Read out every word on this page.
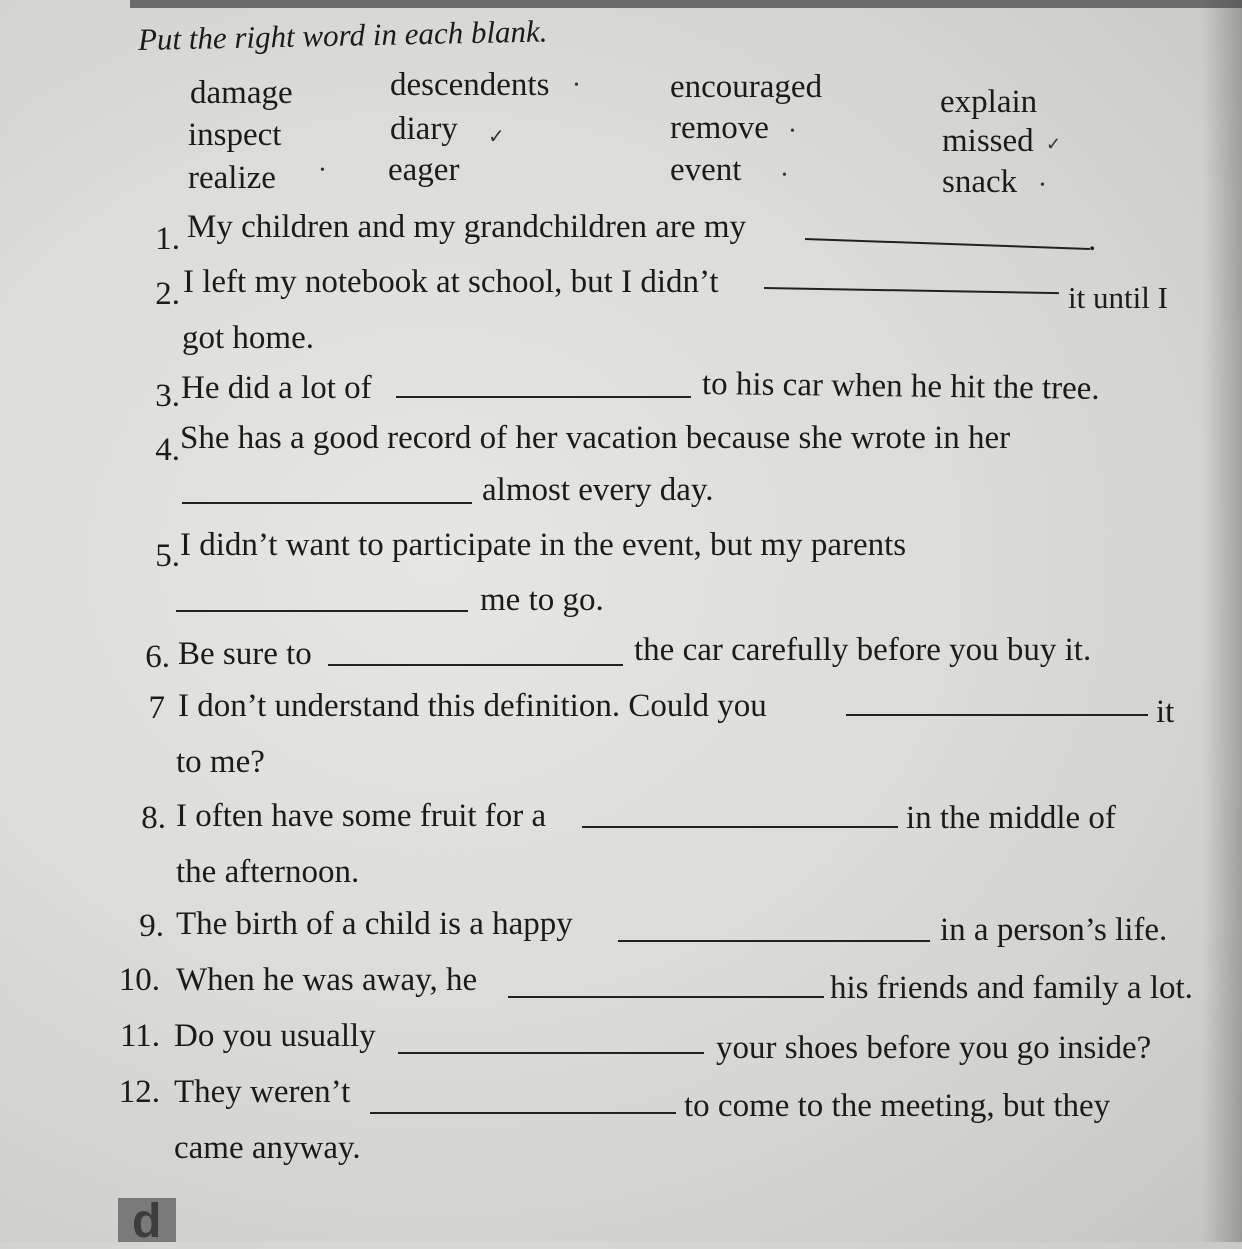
Put the right word in each blank.
damage	descendents	encouraged	explain
inspect	diary	remove	missed
realize	eager	event	snack
•
✓	•
✓
•	•
•
1. My children and my grandchildren are my	.
2. I left my notebook at school, but I didn’t	it until I
got home.
3. He did a lot of	to his car when he hit the tree.
4. She has a good record of her vacation because she wrote in her
almost every day.
5. I didn’t want to participate in the event, but my parents
me to go.
6. Be sure to	the car carefully before you buy it.
7 I don’t understand this definition. Could you	it
to me?
8. I often have some fruit for a	in the middle of
the afternoon.
9. The birth of a child is a happy	in a person’s life.
10. When he was away, he	his friends and family a lot.
11. Do you usually	your shoes before you go inside?
12. They weren’t	to come to the meeting, but they
came anyway.
d
